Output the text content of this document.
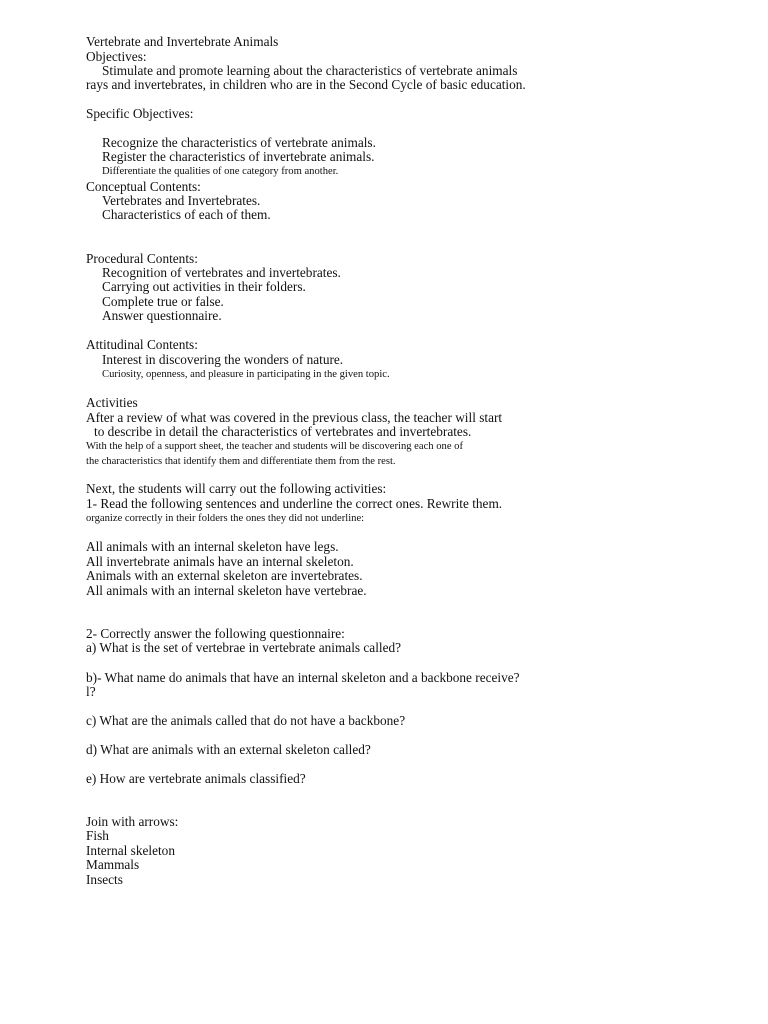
Vertebrate and Invertebrate Animals
Objectives:
Stimulate and promote learning about the characteristics of vertebrate animals
rays and invertebrates, in children who are in the Second Cycle of basic education.
Specific Objectives:
Recognize the characteristics of vertebrate animals.
Register the characteristics of invertebrate animals.
Differentiate the qualities of one category from another.
Conceptual Contents:
Vertebrates and Invertebrates.
Characteristics of each of them.
Procedural Contents:
Recognition of vertebrates and invertebrates.
Carrying out activities in their folders.
Complete true or false.
Answer questionnaire.
Attitudinal Contents:
Interest in discovering the wonders of nature.
Curiosity, openness, and pleasure in participating in the given topic.
Activities
After a review of what was covered in the previous class, the teacher will start
to describe in detail the characteristics of vertebrates and invertebrates.
With the help of a support sheet, the teacher and students will be discovering each one of
the characteristics that identify them and differentiate them from the rest.
Next, the students will carry out the following activities:
1- Read the following sentences and underline the correct ones. Rewrite them.
organize correctly in their folders the ones they did not underline:
All animals with an internal skeleton have legs.
All invertebrate animals have an internal skeleton.
Animals with an external skeleton are invertebrates.
All animals with an internal skeleton have vertebrae.
2- Correctly answer the following questionnaire:
a) What is the set of vertebrae in vertebrate animals called?
b)- What name do animals that have an internal skeleton and a backbone receive?
l?
c) What are the animals called that do not have a backbone?
d) What are animals with an external skeleton called?
e) How are vertebrate animals classified?
Join with arrows:
Fish
Internal skeleton
Mammals
Insects
